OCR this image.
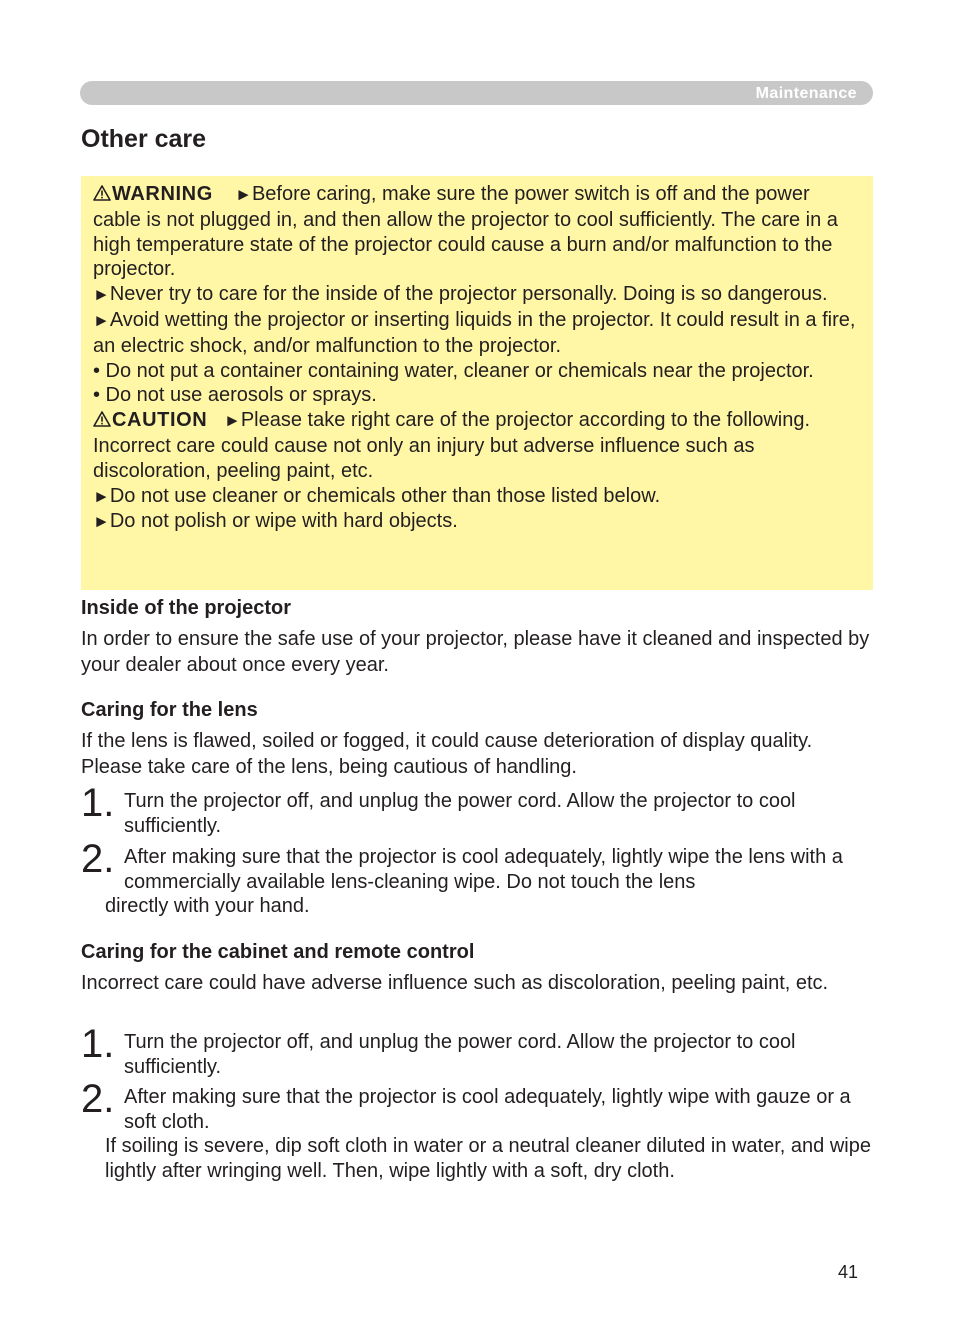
Maintenance
Other care

WARNING ►Before caring, make sure the power switch is off and the power cable is not plugged in, and then allow the projector to cool sufficiently. The care in a high temperature state of the projector could cause a burn and/or malfunction to the projector.

►Never try to care for the inside of the projector personally. Doing is so dangerous.

►Avoid wetting the projector or inserting liquids in the projector. It could result in a fire, an electric shock, and/or malfunction to the projector.

• Do not put a container containing water, cleaner or chemicals near the projector.

• Do not use aerosols or sprays.

CAUTION ►Please take right care of the projector according to the following. Incorrect care could cause not only an injury but adverse influence such as discoloration, peeling paint, etc.

►Do not use cleaner or chemicals other than those listed below.

►Do not polish or wipe with hard objects.

Inside of the projector

In order to ensure the safe use of your projector, please have it cleaned and inspected by your dealer about once every year.

Caring for the lens

If the lens is flawed, soiled or fogged, it could cause deterioration of display quality. Please take care of the lens, being cautious of handling.

1. Turn the projector off, and unplug the power cord. Allow the projector to cool sufficiently.

2. After making sure that the projector is cool adequately, lightly wipe the lens with a commercially available lens-cleaning wipe. Do not touch the lens

directly with your hand.

Caring for the cabinet and remote control

Incorrect care could have adverse influence such as discoloration, peeling paint, etc.

1. Turn the projector off, and unplug the power cord. Allow the projector to cool sufficiently.

2. After making sure that the projector is cool adequately, lightly wipe with gauze or a soft cloth.

If soiling is severe, dip soft cloth in water or a neutral cleaner diluted in water, and wipe lightly after wringing well. Then, wipe lightly with a soft, dry cloth.

41
